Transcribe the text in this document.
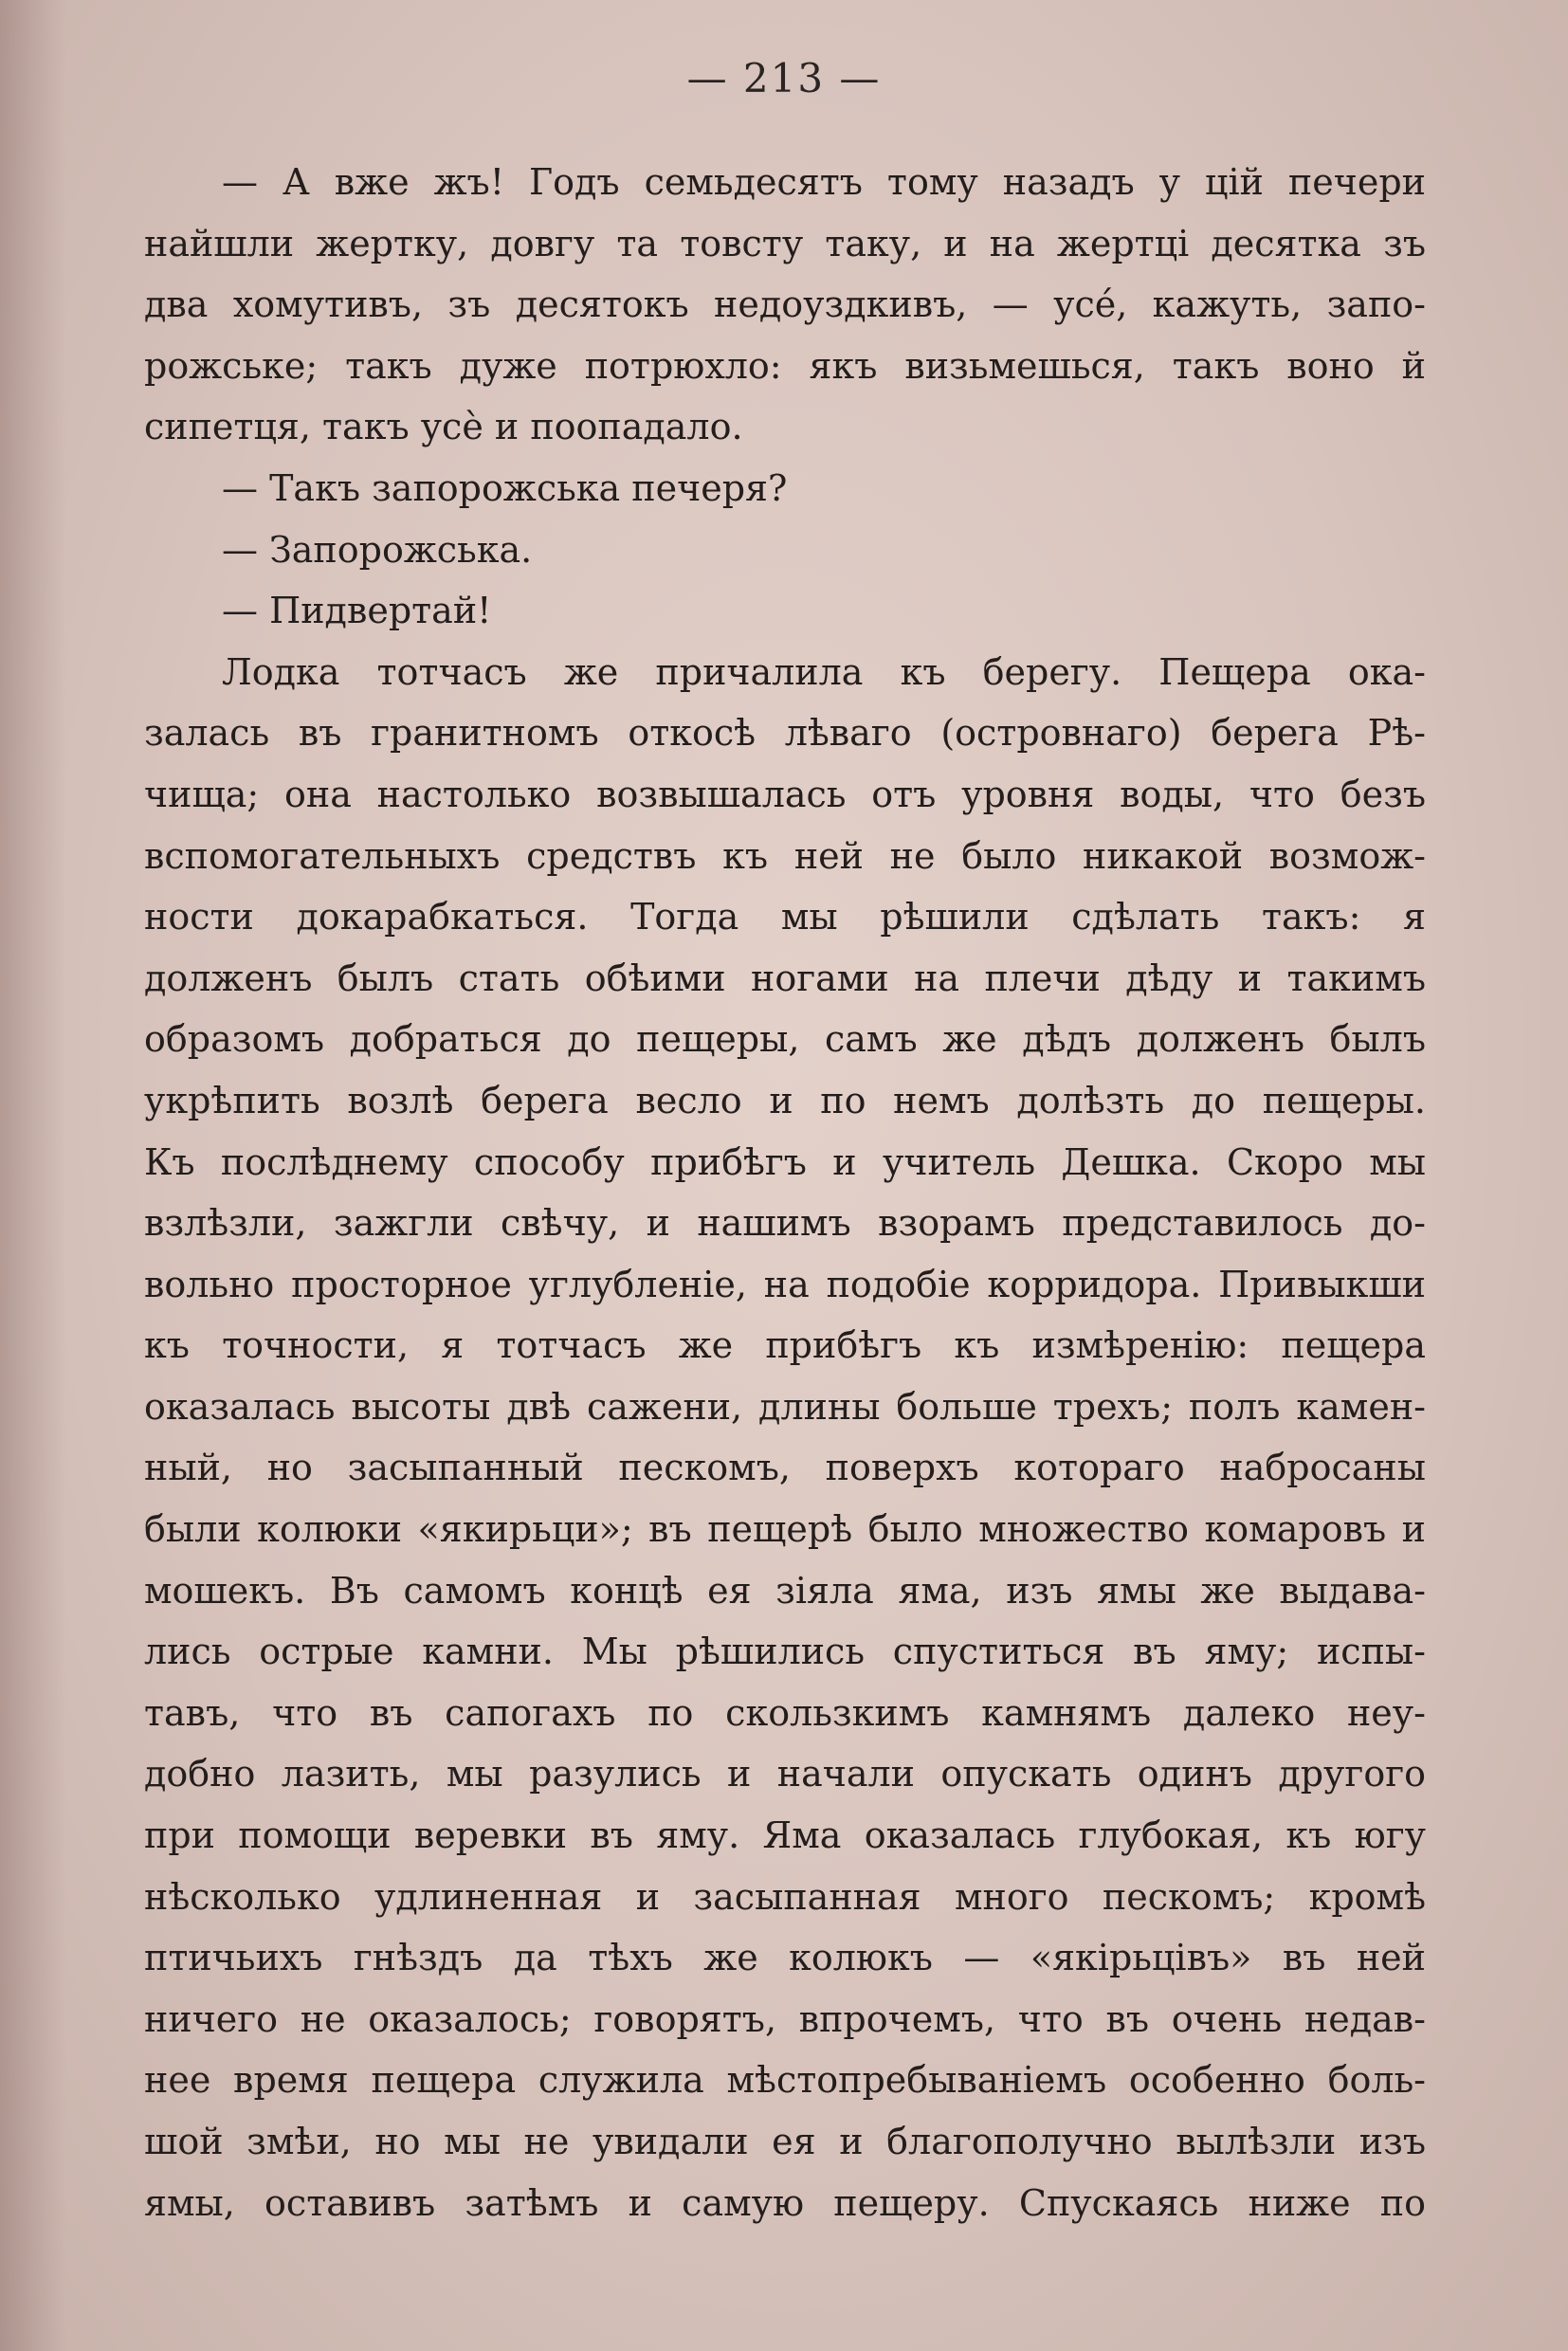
— 213 —
— А вже жъ! Годъ семьдесятъ тому назадъ у цій печери
найшли жертку, довгу та товсту таку, и на жертці десятка зъ
два хомутивъ, зъ десятокъ недоуздкивъ, — усé, кажуть, запо-
рожське; такъ дуже потрюхло: якъ визьмешься, такъ воно й
сипетця, такъ усè и поопадало.
— Такъ запорожська печеря?
— Запорожська.
— Пидвертай!
Лодка тотчасъ же причалила къ берегу. Пещера ока-
залась въ гранитномъ откосѣ лѣваго (островнаго) берега Рѣ-
чища; она настолько возвышалась отъ уровня воды, что безъ
вспомогательныхъ средствъ къ ней не было никакой возмож-
ности докарабкаться. Тогда мы рѣшили сдѣлать такъ: я
долженъ былъ стать обѣими ногами на плечи дѣду и такимъ
образомъ добраться до пещеры, самъ же дѣдъ долженъ былъ
укрѣпить возлѣ берега весло и по немъ долѣзть до пещеры.
Къ послѣднему способу прибѣгъ и учитель Дешка. Скоро мы
взлѣзли, зажгли свѣчу, и нашимъ взорамъ представилось до-
вольно просторное углубленіе, на подобіе корридора. Привыкши
къ точности, я тотчасъ же прибѣгъ къ измѣренію: пещера
оказалась высоты двѣ сажени, длины больше трехъ; полъ камен-
ный, но засыпанный пескомъ, поверхъ котораго набросаны
были колюки «якирьци»; въ пещерѣ было множество комаровъ и
мошекъ. Въ самомъ концѣ ея зіяла яма, изъ ямы же выдава-
лись острые камни. Мы рѣшились спуститься въ яму; испы-
тавъ, что въ сапогахъ по скользкимъ камнямъ далеко неу-
добно лазить, мы разулись и начали опускать одинъ другого
при помощи веревки въ яму. Яма оказалась глубокая, къ югу
нѣсколько удлиненная и засыпанная много пескомъ; кромѣ
птичьихъ гнѣздъ да тѣхъ же колюкъ — «якірьцівъ» въ ней
ничего не оказалось; говорятъ, впрочемъ, что въ очень недав-
нее время пещера служила мѣстопребываніемъ особенно боль-
шой змѣи, но мы не увидали ея и благополучно вылѣзли изъ
ямы, оставивъ затѣмъ и самую пещеру. Спускаясь ниже по
